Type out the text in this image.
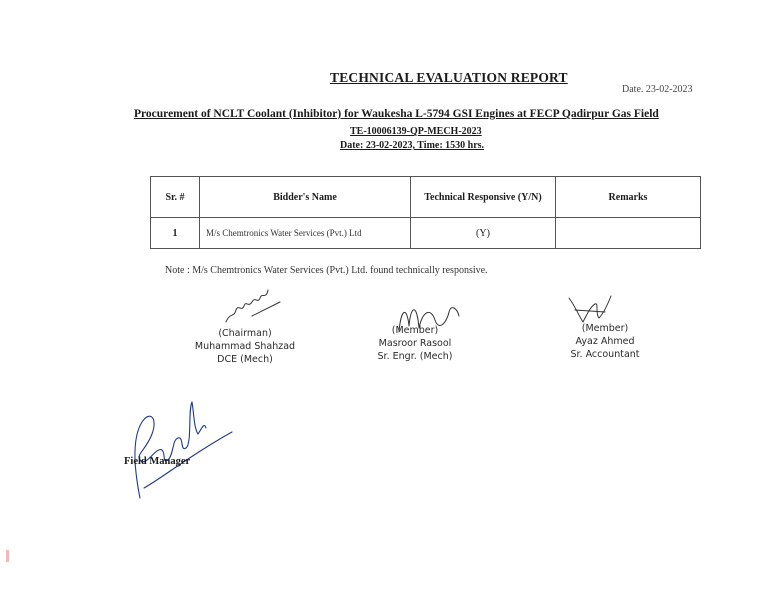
TECHNICAL EVALUATION REPORT
Date. 23-02-2023
Procurement of NCLT Coolant (Inhibitor) for Waukesha L-5794 GSI Engines at FECP Qadirpur Gas Field
TE-10006139-QP-MECH-2023
Date: 23-02-2023, Time: 1530 hrs.
Sr. #	Bidder's Name	Technical Responsive (Y/N)	Remarks
1	M/s Chemtronics Water Services (Pvt.) Ltd	(Y)	
Note : M/s Chemtronics Water Services (Pvt.) Ltd. found technically responsive.
(Chairman)
Muhammad Shahzad
DCE (Mech)
(Member)
Masroor Rasool
Sr. Engr. (Mech)
(Member)
Ayaz Ahmed
Sr. Accountant
Field Manager
